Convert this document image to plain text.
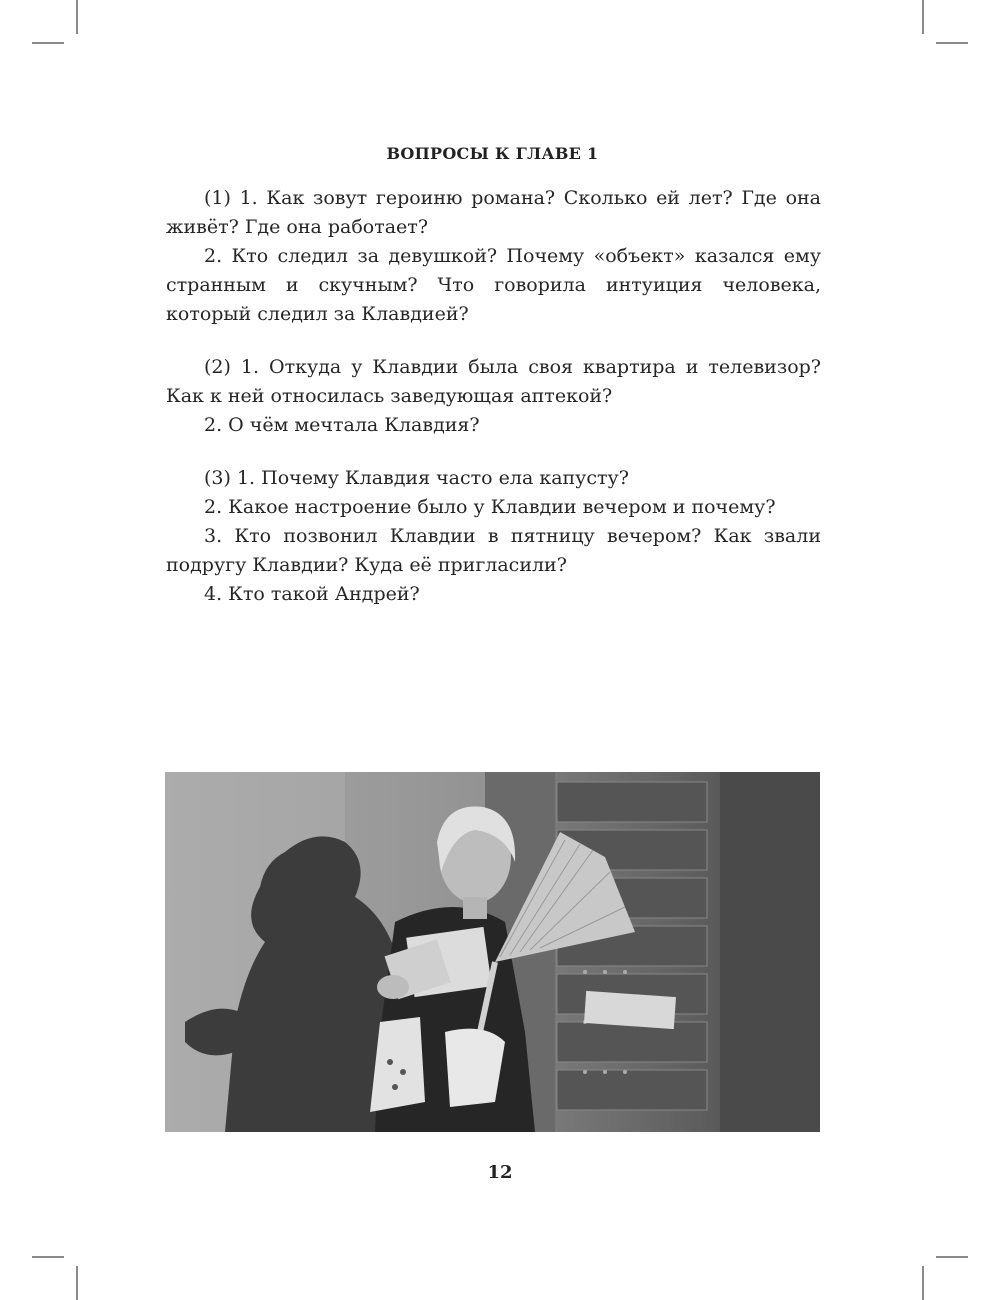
ВОПРОСЫ К ГЛАВЕ 1

(1) 1. Как зовут героиню романа? Сколько ей лет? Где она живёт? Где она работает?

2. Кто следил за девушкой? Почему «объект» казался ему странным и скучным? Что говорила интуиция человека, который следил за Клавдией?

(2) 1. Откуда у Клавдии была своя квартира и телевизор? Как к ней относилась заведующая аптекой?

2. О чём мечтала Клавдия?

(3) 1. Почему Клавдия часто ела капусту?

2. Какое настроение было у Клавдии вечером и почему?

3. Кто позвонил Клавдии в пятницу вечером? Как звали подругу Клавдии? Куда её пригласили?

4. Кто такой Андрей?

12
